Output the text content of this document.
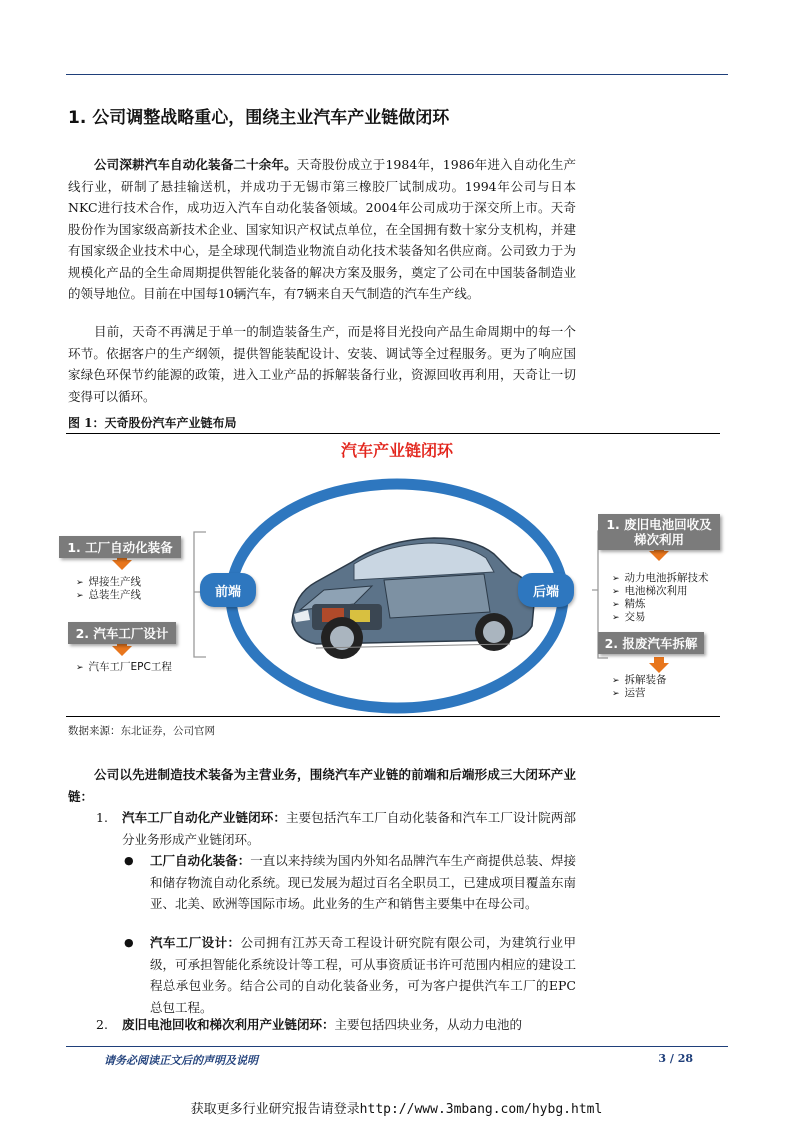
1. 公司调整战略重心，围绕主业汽车产业链做闭环
公司深耕汽车自动化装备二十余年。天奇股份成立于1984年，1986年进入自动化生产线行业，研制了悬挂输送机，并成功于无锡市第三橡胶厂试制成功。1994年公司与日本NKC进行技术合作，成功迈入汽车自动化装备领域。2004年公司成功于深交所上市。天奇股份作为国家级高新技术企业、国家知识产权试点单位，在全国拥有数十家分支机构，并建有国家级企业技术中心，是全球现代制造业物流自动化技术装备知名供应商。公司致力于为规模化产品的全生命周期提供智能化装备的解决方案及服务，奠定了公司在中国装备制造业的领导地位。目前在中国每10辆汽车，有7辆来自天气制造的汽车生产线。
目前，天奇不再满足于单一的制造装备生产，而是将目光投向产品生命周期中的每一个环节。依据客户的生产纲领，提供智能装配设计、安装、调试等全过程服务。更为了响应国家绿色环保节约能源的政策，进入工业产品的拆解装备行业，资源回收再利用，天奇让一切变得可以循环。
图 1：天奇股份汽车产业链布局
汽车产业链闭环
前端	后端
1. 工厂自动化装备
➢ 焊接生产线
➢ 总装生产线
2. 汽车工厂设计
➢ 汽车工厂EPC工程
1. 废旧电池回收及
梯次利用
➢ 动力电池拆解技术
➢ 电池梯次利用
➢ 精炼
➢ 交易
2. 报废汽车拆解
➢ 拆解装备
➢ 运营
数据来源：东北证券，公司官网
公司以先进制造技术装备为主营业务，围绕汽车产业链的前端和后端形成三大闭环产业链：
1. 汽车工厂自动化产业链闭环：主要包括汽车工厂自动化装备和汽车工厂设计院两部分业务形成产业链闭环。
● 工厂自动化装备：一直以来持续为国内外知名品牌汽车生产商提供总装、焊接和储存物流自动化系统。现已发展为超过百名全职员工，已建成项目覆盖东南亚、北美、欧洲等国际市场。此业务的生产和销售主要集中在母公司。
● 汽车工厂设计：公司拥有江苏天奇工程设计研究院有限公司，为建筑行业甲级，可承担智能化系统设计等工程，可从事资质证书许可范围内相应的建设工程总承包业务。结合公司的自动化装备业务，可为客户提供汽车工厂的EPC总包工程。
2. 废旧电池回收和梯次利用产业链闭环：主要包括四块业务，从动力电池的
请务必阅读正文后的声明及说明	3 / 28
获取更多行业研究报告请登录http://www.3mbang.com/hybg.html
